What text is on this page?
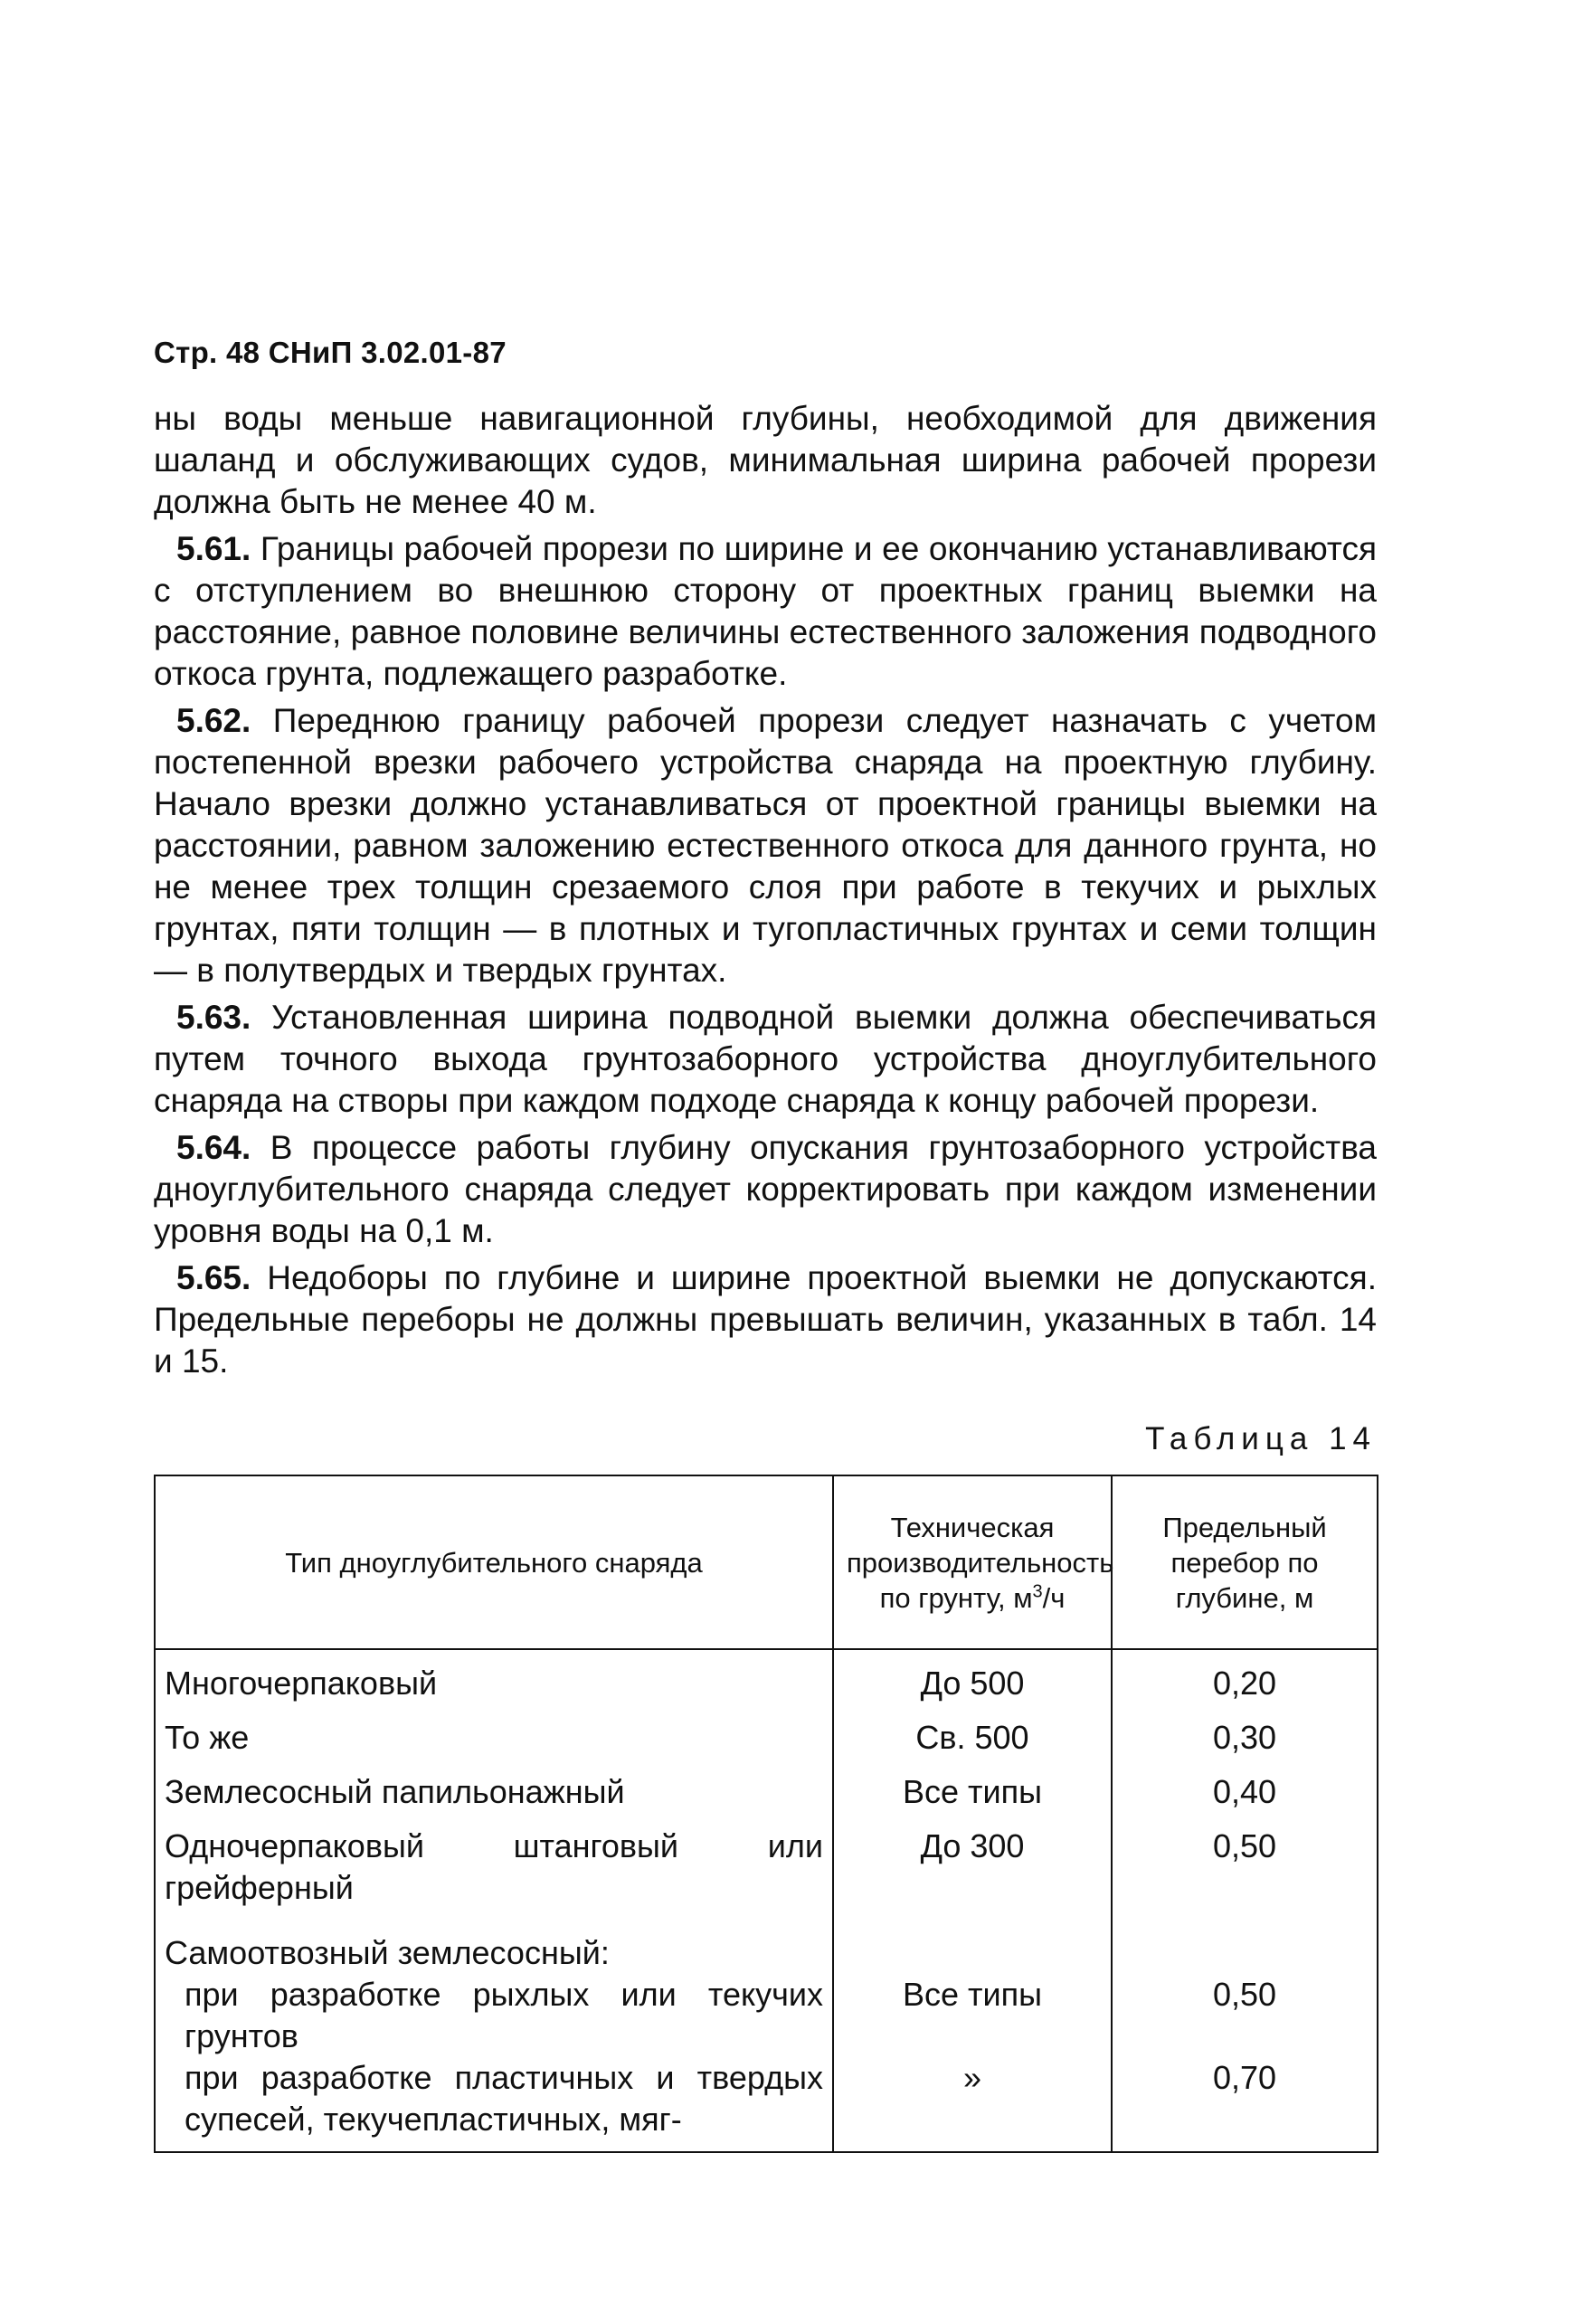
Стр. 48 СНиП 3.02.01-87

ны воды меньше навигационной глубины, необходимой для движения шаланд и обслуживающих судов, минимальная ширина рабочей прорези должна быть не менее 40 м.

5.61. Границы рабочей прорези по ширине и ее окончанию устанавливаются с отступлением во внешнюю сторону от проектных границ выемки на расстояние, равное половине величины естественного заложения подводного откоса грунта, подлежащего разработке.

5.62. Переднюю границу рабочей прорези следует назначать с учетом постепенной врезки рабочего устройства снаряда на проектную глубину. Начало врезки должно устанавливаться от проектной границы выемки на расстоянии, равном заложению естественного откоса для данного грунта, но не менее трех толщин срезаемого слоя при работе в текучих и рыхлых грунтах, пяти толщин — в плотных и тугопластичных грунтах и семи толщин — в полутвердых и твердых грунтах.

5.63. Установленная ширина подводной выемки должна обеспечиваться путем точного выхода грунтозаборного устройства дноуглубительного снаряда на створы при каждом подходе снаряда к концу рабочей прорези.

5.64. В процессе работы глубину опускания грунтозаборного устройства дноуглубительного снаряда следует корректировать при каждом изменении уровня воды на 0,1 м.

5.65. Недоборы по глубине и ширине проектной выемки не допускаются. Предельные переборы не должны превышать величин, указанных в табл. 14 и 15.

Таблица 14
Тип дноуглубительного снаряда	Техническая производительность по грунту, $м^3/ч$	Предельный перебор по глубине, м
Многочерпаковый	До 500	0,20
То же	Св. 500	0,30
Землесосный папильонажный	Все типы	0,40
Одночерпаковый штанговый или грейферный	До 300	0,50
Самоотвозный землесосный:		

при разработке рыхлых или текучих грунтов	Все типы	0,50

при разработке пластичных и твердых супесей, текучепластичных, мяг-	»	0,70
